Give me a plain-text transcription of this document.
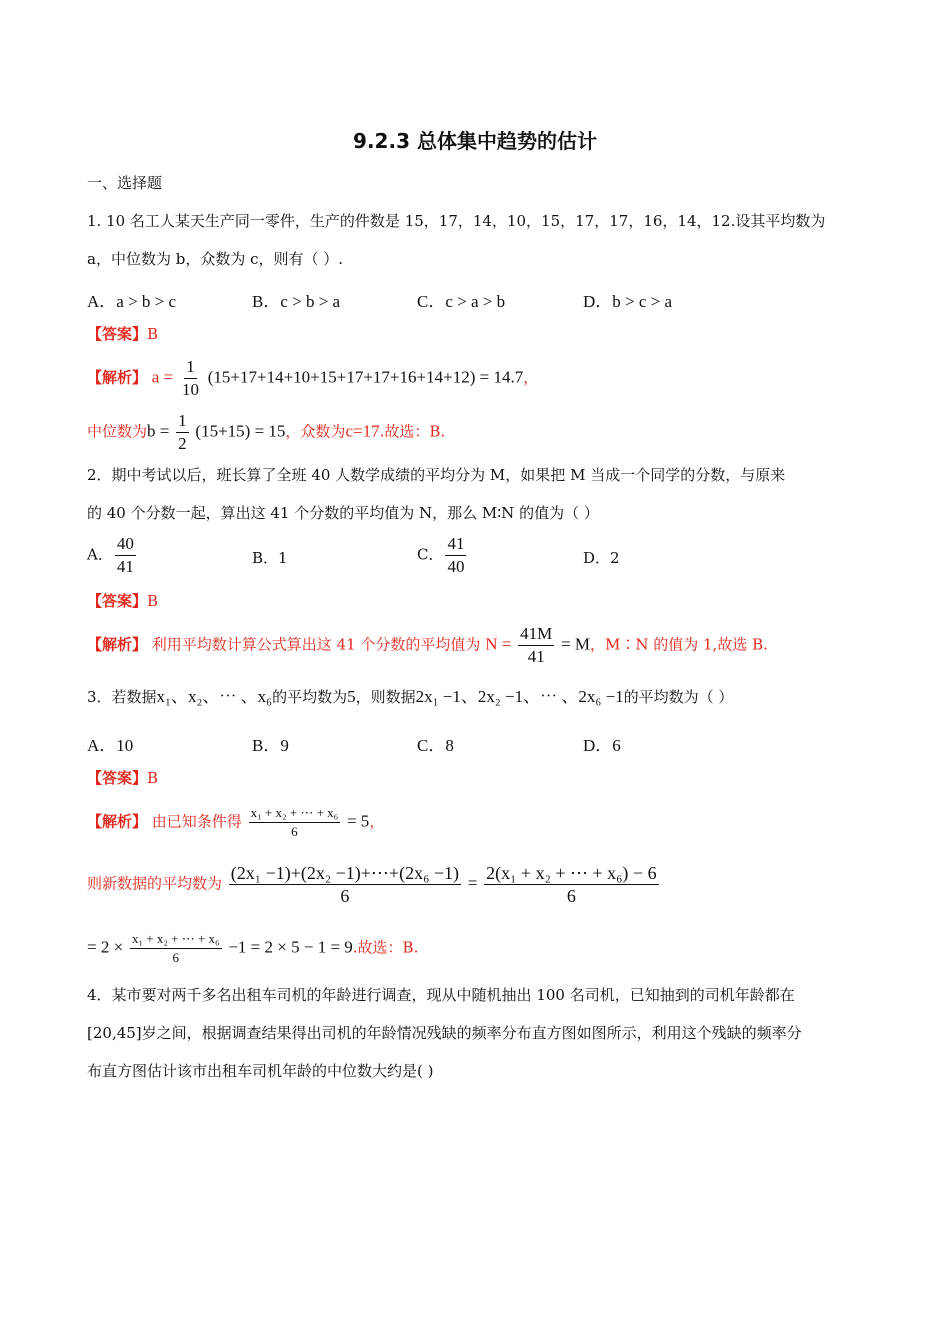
9.2.3 总体集中趋势的估计
一、选择题
1. 10 名工人某天生产同一零件，生产的件数是 15，17，14，10，15，17，17，16，14，12.设其平均数为
a，中位数为 b，众数为 c，则有（ ）.
A．a > b > c	B．c > b > a	C．c > a > b	D．b > c > a
【答案】B
【解析】 $a = \frac{1}{10} (15+17+14+10+15+17+17+16+14+12) = 14.7$，
中位数为$b = \frac{1}{2} (15+15) = 15$，众数为c=17.故选：B.
2．期中考试以后，班长算了全班 40 人数学成绩的平均分为 M，如果把 M 当成一个同学的分数，与原来
的 40 个分数一起，算出这 41 个分数的平均值为 N，那么 M∶N 的值为（ ）
A． $\frac{40}{41}$	B．1	C． $\frac{41}{40}$	D．2
【答案】B
【解析】 利用平均数计算公式算出这 41 个分数的平均值为 $N = \frac{41M}{41} = M$，M∶N 的值为 1,故选 B.
3．若数据x₁、x₂、⋯ 、x₆的平均数为5，则数据2x₁ −1、2x₂ −1、⋯ 、2x₆ −1的平均数为（ ）
A．10	B．9	C．8	D．6
【答案】B
【解析】 由已知条件得 $\frac{\text{x₁ + x₂ + ⋯ + x₆}}{6} = 5$，
则新数据的平均数为 $\frac{\text{(2x₁ −1)+(2x₂ −1)+⋯+(2x₆ −1)}}{6} = \frac{\text{2(x₁ + x₂ + ⋯ + x₆) − 6}}{6}$
= $2 \times \frac{\text{x₁ + x₂ + ⋯ + x₆}}{6} -1 = 2 \times 5 - 1 = 9$.故选：B.
4．某市要对两千多名出租车司机的年龄进行调查，现从中随机抽出 100 名司机，已知抽到的司机年龄都在
[20,45]岁之间，根据调查结果得出司机的年龄情况残缺的频率分布直方图如图所示，利用这个残缺的频率分
布直方图估计该市出租车司机年龄的中位数大约是( )
